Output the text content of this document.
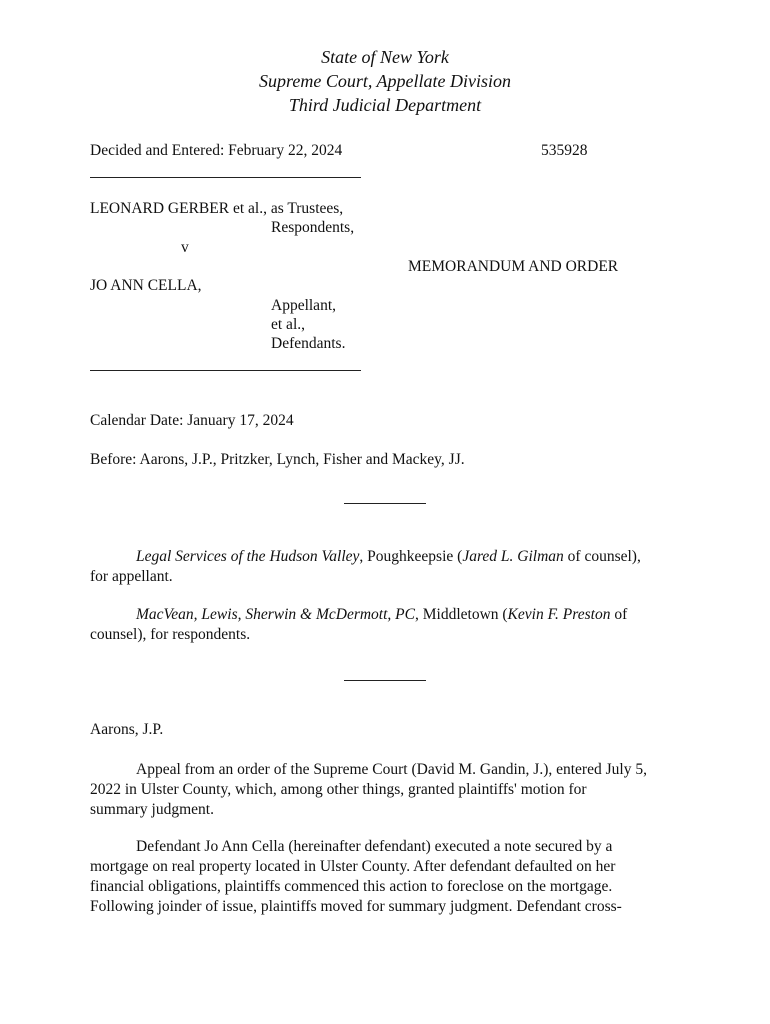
State of New York
Supreme Court, Appellate Division
Third Judicial Department
Decided and Entered: February 22, 2024	535928
LEONARD GERBER et al., as Trustees,
Respondents,
v
MEMORANDUM AND ORDER
JO ANN CELLA,
Appellant,
et al.,
Defendants.
Calendar Date: January 17, 2024
Before: Aarons, J.P., Pritzker, Lynch, Fisher and Mackey, JJ.
Legal Services of the Hudson Valley, Poughkeepsie (Jared L. Gilman of counsel),
for appellant.
MacVean, Lewis, Sherwin & McDermott, PC, Middletown (Kevin F. Preston of
counsel), for respondents.
Aarons, J.P.
Appeal from an order of the Supreme Court (David M. Gandin, J.), entered July 5,
2022 in Ulster County, which, among other things, granted plaintiffs' motion for
summary judgment.
Defendant Jo Ann Cella (hereinafter defendant) executed a note secured by a
mortgage on real property located in Ulster County. After defendant defaulted on her
financial obligations, plaintiffs commenced this action to foreclose on the mortgage.
Following joinder of issue, plaintiffs moved for summary judgment. Defendant cross-
